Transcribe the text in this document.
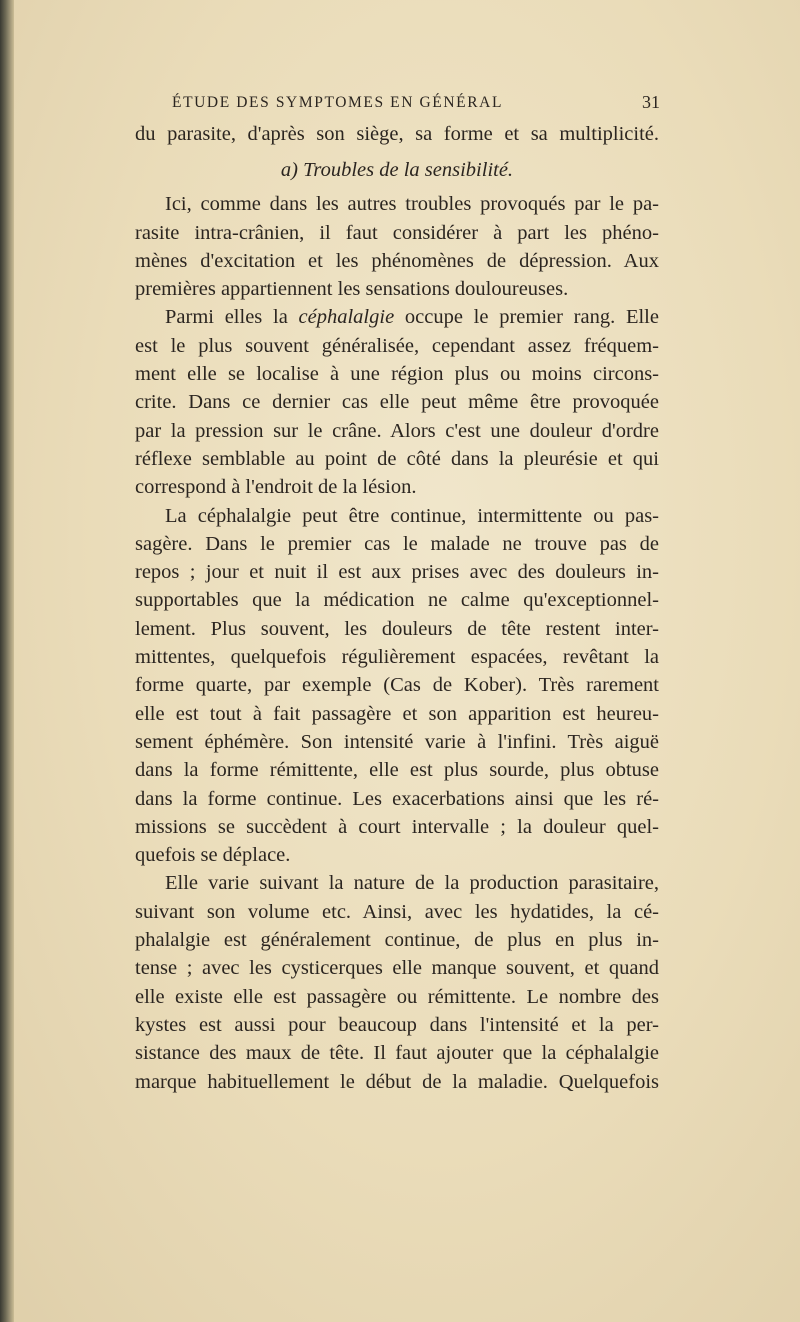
ÉTUDE DES SYMPTOMES EN GÉNÉRAL	31
du parasite, d'après son siège, sa forme et sa multiplicité.
a) Troubles de la sensibilité.
Ici, comme dans les autres troubles provoqués par le pa-
rasite intra-crânien, il faut considérer à part les phéno-
mènes d'excitation et les phénomènes de dépression. Aux
premières appartiennent les sensations douloureuses.
Parmi elles la céphalalgie occupe le premier rang. Elle
est le plus souvent généralisée, cependant assez fréquem-
ment elle se localise à une région plus ou moins circons-
crite. Dans ce dernier cas elle peut même être provoquée
par la pression sur le crâne. Alors c'est une douleur d'ordre
réflexe semblable au point de côté dans la pleurésie et qui
correspond à l'endroit de la lésion.
La céphalalgie peut être continue, intermittente ou pas-
sagère. Dans le premier cas le malade ne trouve pas de
repos ; jour et nuit il est aux prises avec des douleurs in-
supportables que la médication ne calme qu'exceptionnel-
lement. Plus souvent, les douleurs de tête restent inter-
mittentes, quelquefois régulièrement espacées, revêtant la
forme quarte, par exemple (Cas de Kober). Très rarement
elle est tout à fait passagère et son apparition est heureu-
sement éphémère. Son intensité varie à l'infini. Très aiguë
dans la forme rémittente, elle est plus sourde, plus obtuse
dans la forme continue. Les exacerbations ainsi que les ré-
missions se succèdent à court intervalle ; la douleur quel-
quefois se déplace.
Elle varie suivant la nature de la production parasitaire,
suivant son volume etc. Ainsi, avec les hydatides, la cé-
phalalgie est généralement continue, de plus en plus in-
tense ; avec les cysticerques elle manque souvent, et quand
elle existe elle est passagère ou rémittente. Le nombre des
kystes est aussi pour beaucoup dans l'intensité et la per-
sistance des maux de tête. Il faut ajouter que la céphalalgie
marque habituellement le début de la maladie. Quelquefois
